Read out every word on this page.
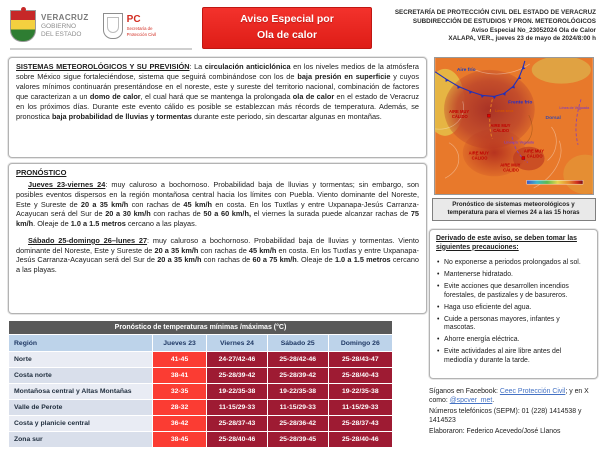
VERACRUZ
GOBIERNO
DEL ESTADO
PC
Secretaría de Protección Civil
Aviso Especial por
Ola de calor
SECRETARÍA DE PROTECCIÓN CIVIL DEL ESTADO DE VERACRUZ
SUBDIRECCIÓN DE ESTUDIOS Y PRON. METEOROLÓGICOS
Aviso Especial No_23052024 Ola de Calor
XALAPA, VER., jueves 23 de mayo de 2024/8:00 h

SISTEMAS METEOROLÓGICOS Y SU PREVISIÓN: La circulación anticiclónica en los niveles medios de la atmósfera sobre México sigue fortaleciéndose, sistema que seguirá combinándose con los de baja presión en superficie y cuyos valores mínimos continuarán presentándose en el noreste, este y sureste del territorio nacional, combinación de factores que caracterizan a un domo de calor, el cual hará que se mantenga la prolongada ola de calor en el estado de Veracruz en los próximos días. Durante este evento cálido es posible se establezcan más récords de temperatura. Además, se pronostica baja probabilidad de lluvias y tormentas durante este periodo, sin descartar algunas en montañas.

PRONÓSTICO

Jueves 23-viernes 24: muy caluroso a bochornoso. Probabilidad baja de lluvias y tormentas; sin embargo, son posibles eventos dispersos en la región montañosa central hacia los límites con Puebla. Viento dominante del Noreste, Este y Sureste de 20 a 35 km/h con rachas de 45 km/h en costa. En los Tuxtlas y entre Uxpanapa-Jesús Carranza-Acayucan será del Sur de 20 a 30 km/h con rachas de 50 a 60 km/h, el viernes la surada puede alcanzar rachas de 75 km/h. Oleaje de 1.0 a 1.5 metros cercano a las playas.

Sábado 25-domingo 26–lunes 27: muy caluroso a bochornoso. Probabilidad baja de lluvias y tormentas. Viento dominante del Noreste, Este y Sureste de 20 a 35 km/h con rachas de 45 km/h en costa. En los Tuxtlas y entre Uxpanapa-Jesús Carranza-Acayucan será del Sur de 20 a 35 km/h con rachas de 60 a 75 km/h. Oleaje de 1.0 a 1.5 metros cercano a las playas.

Pronóstico de temperaturas mínimas /máximas (°C)				
Región	Jueves 23	Viernes 24	Sábado 25	Domingo 26
Norte	41-45	24-27/42-46	25-28/42-46	25-28/43-47
Costa norte	38-41	25-28/39-42	25-28/39-42	25-28/40-43
Montañosa central y Altas Montañas	32-35	19-22/35-38	19-22/35-38	19-22/35-38
Valle de Perote	28-32	11-15/29-33	11-15/29-33	11-15/29-33
Costa y planicie central	36-42	25-28/37-43	25-28/36-42	25-28/37-43
Zona sur	38-45	25-28/40-46	25-28/39-45	25-28/40-46
Aire frío
Frente frío
Dorsal
Línea seca
Línea de Vaguada
Línea de Vaguada
AIRE MUY
CÁLIDO
AIRE MUY
CÁLIDO
AIRE MUY
CÁLIDO
AIRE MUY
CÁLIDO
AIRE MUY
CÁLIDO
Pronóstico de sistemas meteorológicos y temperatura para el viernes 24 a las 15 horas
Derivado de este aviso, se deben tomar las siguientes precauciones:
• No exponerse a periodos prolongados al sol.
• Mantenerse hidratado.
• Evite acciones que desarrollen incendios forestales, de pastizales y de basureros.
• Haga uso eficiente del agua.
• Cuide a personas mayores, infantes y mascotas.
• Ahorre energía eléctrica.
• Evite actividades al aire libre antes del mediodía y durante la tarde.

Síganos en Facebook: Ceec Protección Civil; y en X como: @spcver_met.

Números telefónicos (SEPM): 01 (228) 1414538 y 1414523

Elaboraron: Federico Acevedo/José Llanos
